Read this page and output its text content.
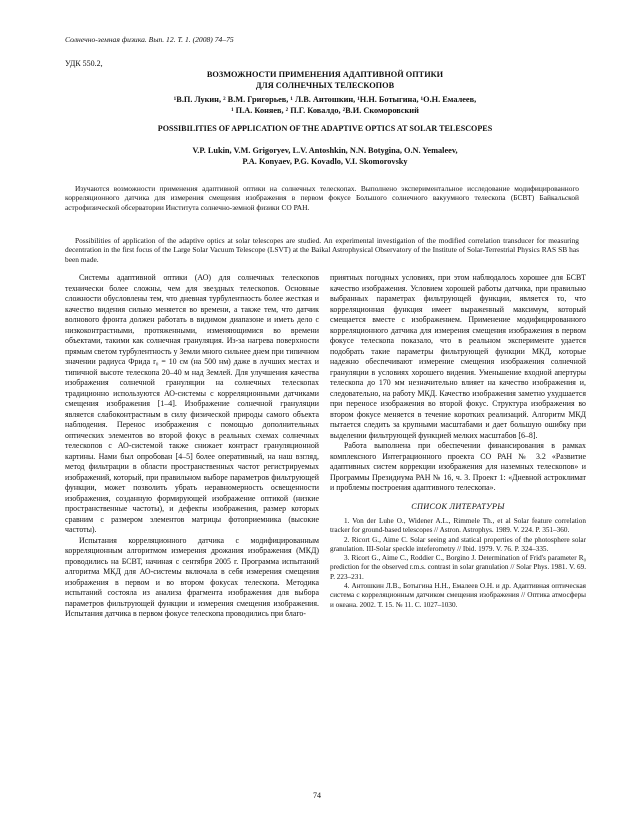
Солнечно-земная физика. Вып. 12. Т. 1. (2008) 74–75
УДК 550.2,
ВОЗМОЖНОСТИ ПРИМЕНЕНИЯ АДАПТИВНОЙ ОПТИКИ
ДЛЯ СОЛНЕЧНЫХ ТЕЛЕСКОПОВ
¹В.П. Лукин, ² В.М. Григорьев, ¹ Л.В. Антошкин, ¹Н.Н. Ботыгина, ¹О.Н. Емалеев,
¹ П.А. Коняев, ² П.Г. Ковалдо, ²В.И. Скоморовский
POSSIBILITIES OF APPLICATION OF THE ADAPTIVE OPTICS AT SOLAR TELESCOPES
V.P. Lukin, V.M. Grigoryev, L.V. Antoshkin, N.N. Botygina, O.N. Yemaleev,
P.A. Konyaev, P.G. Kovadlo, V.I. Skomorovsky
Изучаются возможности применения адаптивной оптики на солнечных телескопах. Выполнено экспериментальное исследование модифицированного корреляционного датчика для измерения смещения изображения в первом фокусе Большого солнечного вакуумного телескопа (БСВТ) Байкальской астрофизической обсерватории Института солнечно-земной физики СО РАН.
Possibilities of application of the adaptive optics at solar telescopes are studied. An experimental investigation of the modified correlation transducer for measuring decentration in the first focus of the Large Solar Vacuum Telescope (LSVT) at the Baikal Astrophysical Observatory of the Institute of Solar-Terrestrial Physics RAS SB has been made.

Системы адаптивной оптики (АО) для солнечных телескопов технически более сложны, чем для звездных телескопов. Основные сложности обусловлены тем, что дневная турбулентность более жесткая и качество видения сильно меняется во времени, а также тем, что датчик волнового фронта должен работать в видимом диапазоне и иметь дело с низкоконтрастными, протяженными, изменяющимися во времени объектами, такими как солнечная грануляция. Из-за нагрева поверхности прямым светом турбулентность у Земли много сильнее днем при типичном значении радиуса Фрида r₀ = 10 см (на 500 нм) даже в лучших местах и типичной высоте телескопа 20–40 м над Землей. Для улучшения качества изображения солнечной грануляции на солнечных телескопах традиционно используются АО-системы с корреляционными датчиками смещения изображения [1–4]. Изображение солнечной грануляции является слабоконтрастным в силу физической природы самого объекта наблюдения. Перенос изображения с помощью дополнительных оптических элементов во второй фокус в реальных схемах солнечных телескопов с АО-системой также снижает контраст грануляционной картины. Нами был опробован [4–5] более оперативный, на наш взгляд, метод фильтрации в области пространственных частот регистрируемых изображений, который, при правильном выборе параметров фильтрующей функции, может позволить убрать неравномерность освещенности изображения, созданную формирующей изображение оптикой (низкие пространственные частоты), и дефекты изображения, размер которых сравним с размером элементов матрицы фотоприемника (высокие частоты).

Испытания корреляционного датчика с модифицированным корреляционным алгоритмом измерения дрожания изображения (МКД) проводились на БСВТ, начиная с сентября 2005 г. Программа испытаний алгоритма МКД для АО-системы включала в себя измерения смещения изображения в первом и во втором фокусах телескопа. Методика испытаний состояла из анализа фрагмента изображения для выбора параметров фильтрующей функции и измерения смещения изображения. Испытания датчика в первом фокусе телескопа проводились при благо-

приятных погодных условиях, при этом наблюдалось хорошее для БСВТ качество изображения. Условием хорошей работы датчика, при правильно выбранных параметрах фильтрующей функции, является то, что корреляционная функция имеет выраженный максимум, который смещается вместе с изображением. Применение модифицированного корреляционного датчика для измерения смещения изображения в первом фокусе телескопа показало, что в реальном эксперименте удается подобрать такие параметры фильтрующей функции МКД, которые надежно обеспечивают измерение смещения изображения солнечной грануляции в условиях хорошего видения. Уменьшение входной апертуры телескопа до 170 мм незначительно влияет на качество изображения и, следовательно, на работу МКД. Качество изображения заметно ухудшается при переносе изображения во второй фокус. Структура изображения во втором фокусе меняется в течение коротких реализаций. Алгоритм МКД пытается следить за крупными масштабами и дает большую ошибку при выделении фильтрующей функцией мелких масштабов [6–8].

Работа выполнена при обеспечении финансирования в рамках комплексного Интеграционного проекта СО РАН № 3.2 «Развитие адаптивных систем коррекции изображения для наземных телескопов» и Программы Президиума РАН № 16, ч. 3. Проект 1: «Дневной астроклимат и проблемы построения адаптивного телескопа».

СПИСОК ЛИТЕРАТУРЫ

1. Von der Luhe O., Widener A.L., Rimmele Th., et al Solar feature correlation tracker for ground-based telescopes // Astron. Astrophys. 1989. V. 224. P. 351–360.

2. Ricort G., Aime C. Solar seeing and statical properties of the photosphere solar granulation. III-Solar speckle inteferometry // Ibid. 1979. V. 76. P. 324–335.

3. Ricort G., Aime C., Roddier C., Borgino J. Determination of Frid's parameter R₀ prediction for the observed r.m.s. contrast in solar granulation // Solar Phys. 1981. V. 69. P. 223–231.

4. Антошкин Л.В., Ботыгина Н.Н., Емалеев О.Н. и др. Адаптивная оптическая система с корреляционным датчиком смещения изображения // Оптика атмосферы и океана. 2002. Т. 15. № 11. С. 1027–1030.

74
